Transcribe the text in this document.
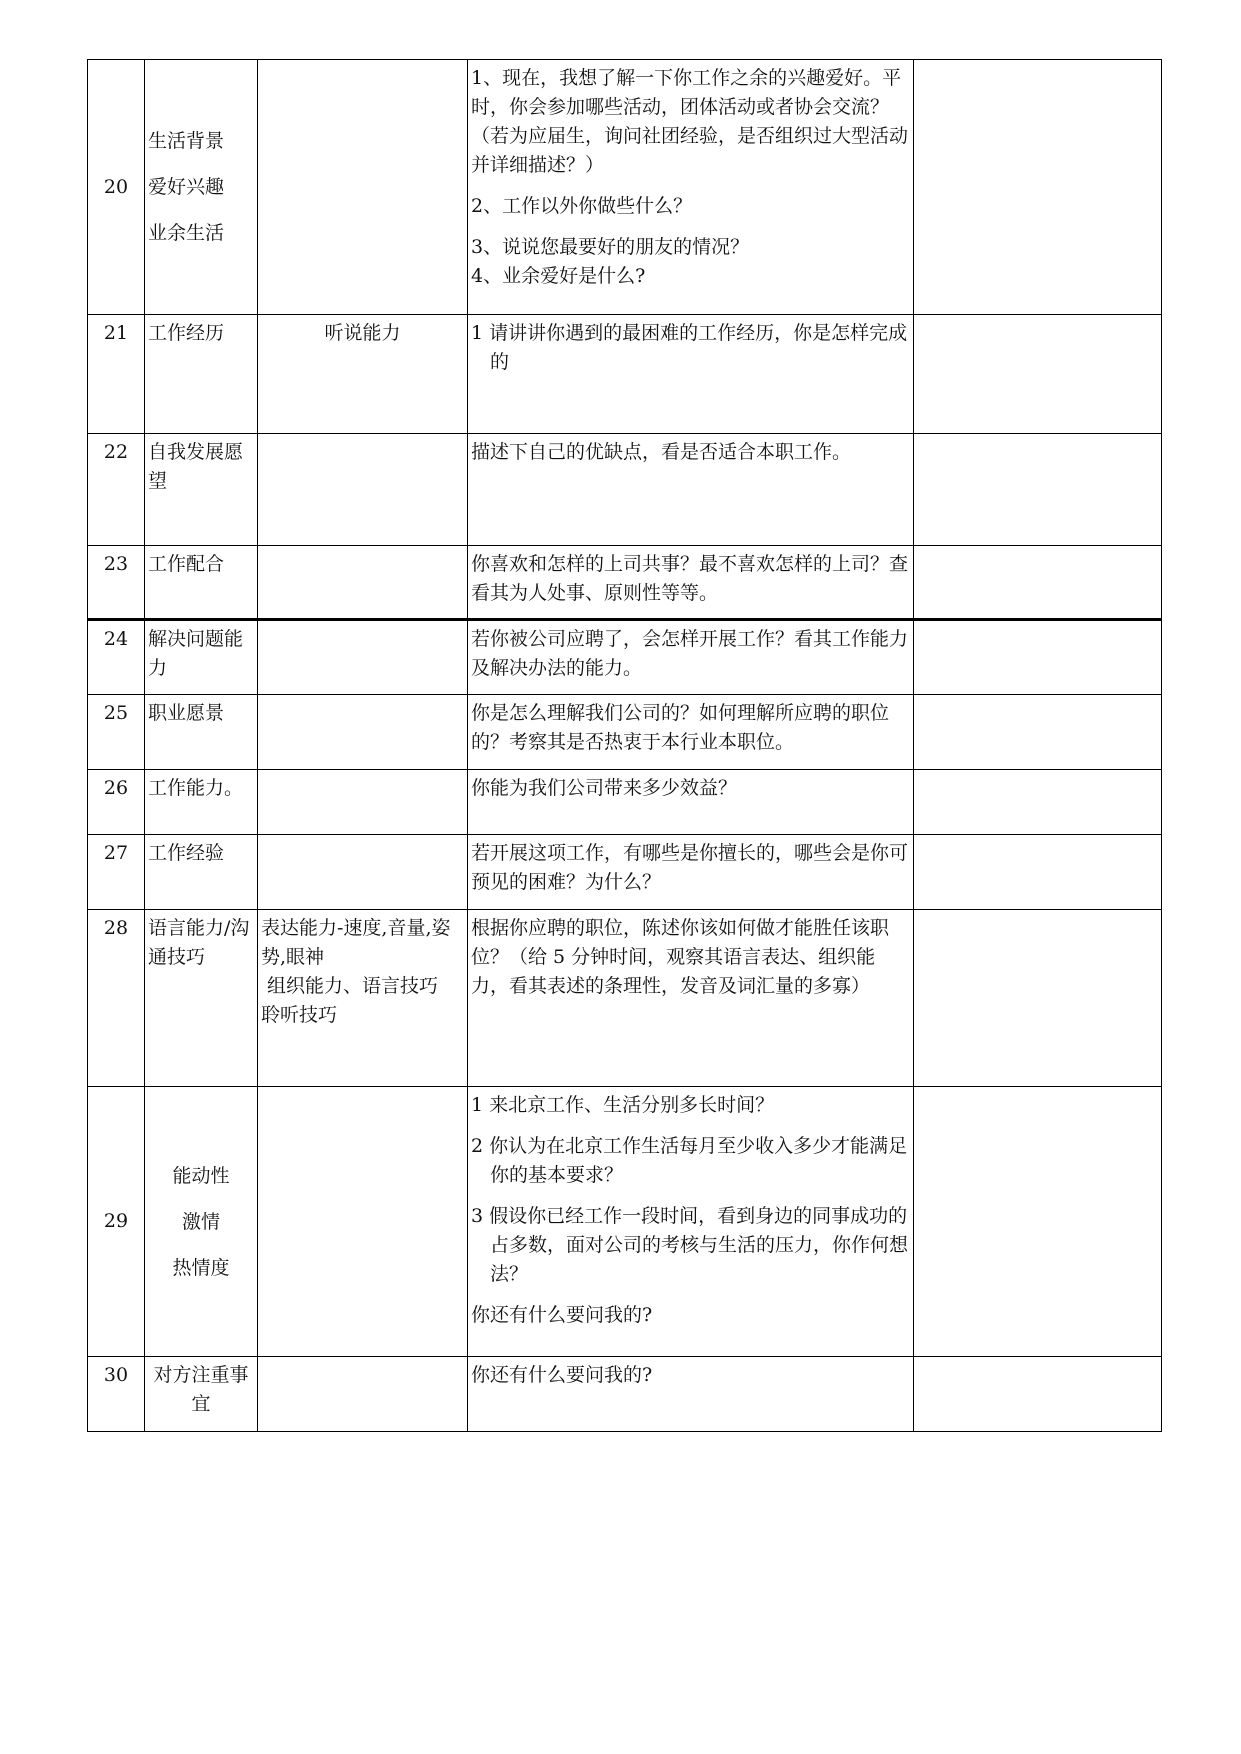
20	生活背景
爱好兴趣
业余生活		1、现在，我想了解一下你工作之余的兴趣爱好。平时，你会参加哪些活动，团体活动或者协会交流？（若为应届生，询问社团经验，是否组织过大型活动并详细描述？）
2、工作以外你做些什么？
3、说说您最要好的朋友的情况？
4、业余爱好是什么?	

21	工作经历	听说能力	1 请讲讲你遇到的最困难的工作经历，你是怎样完成的	

22	自我发展愿望		描述下自己的优缺点，看是否适合本职工作。	

23	工作配合		你喜欢和怎样的上司共事？最不喜欢怎样的上司？查看其为人处事、原则性等等。	

24	解决问题能力		若你被公司应聘了，会怎样开展工作？看其工作能力及解决办法的能力。	

25	职业愿景		你是怎么理解我们公司的？如何理解所应聘的职位的？考察其是否热衷于本行业本职位。	

26	工作能力。		你能为我们公司带来多少效益？	

27	工作经验		若开展这项工作，有哪些是你擅长的，哪些会是你可预见的困难？为什么？	

28	语言能力/沟通技巧	表达能力-速度,音量,姿势,眼神
组织能力、语言技巧
聆听技巧	根据你应聘的职位，陈述你该如何做才能胜任该职位？（给 5 分钟时间，观察其语言表达、组织能力，看其表述的条理性，发音及词汇量的多寡）	

29	能动性
激情
热情度		1 来北京工作、生活分别多长时间？
2 你认为在北京工作生活每月至少收入多少才能满足你的基本要求？
3 假设你已经工作一段时间，看到身边的同事成功的占多数，面对公司的考核与生活的压力，你作何想法？
你还有什么要问我的?	

30	对方注重事宜		你还有什么要问我的?	
